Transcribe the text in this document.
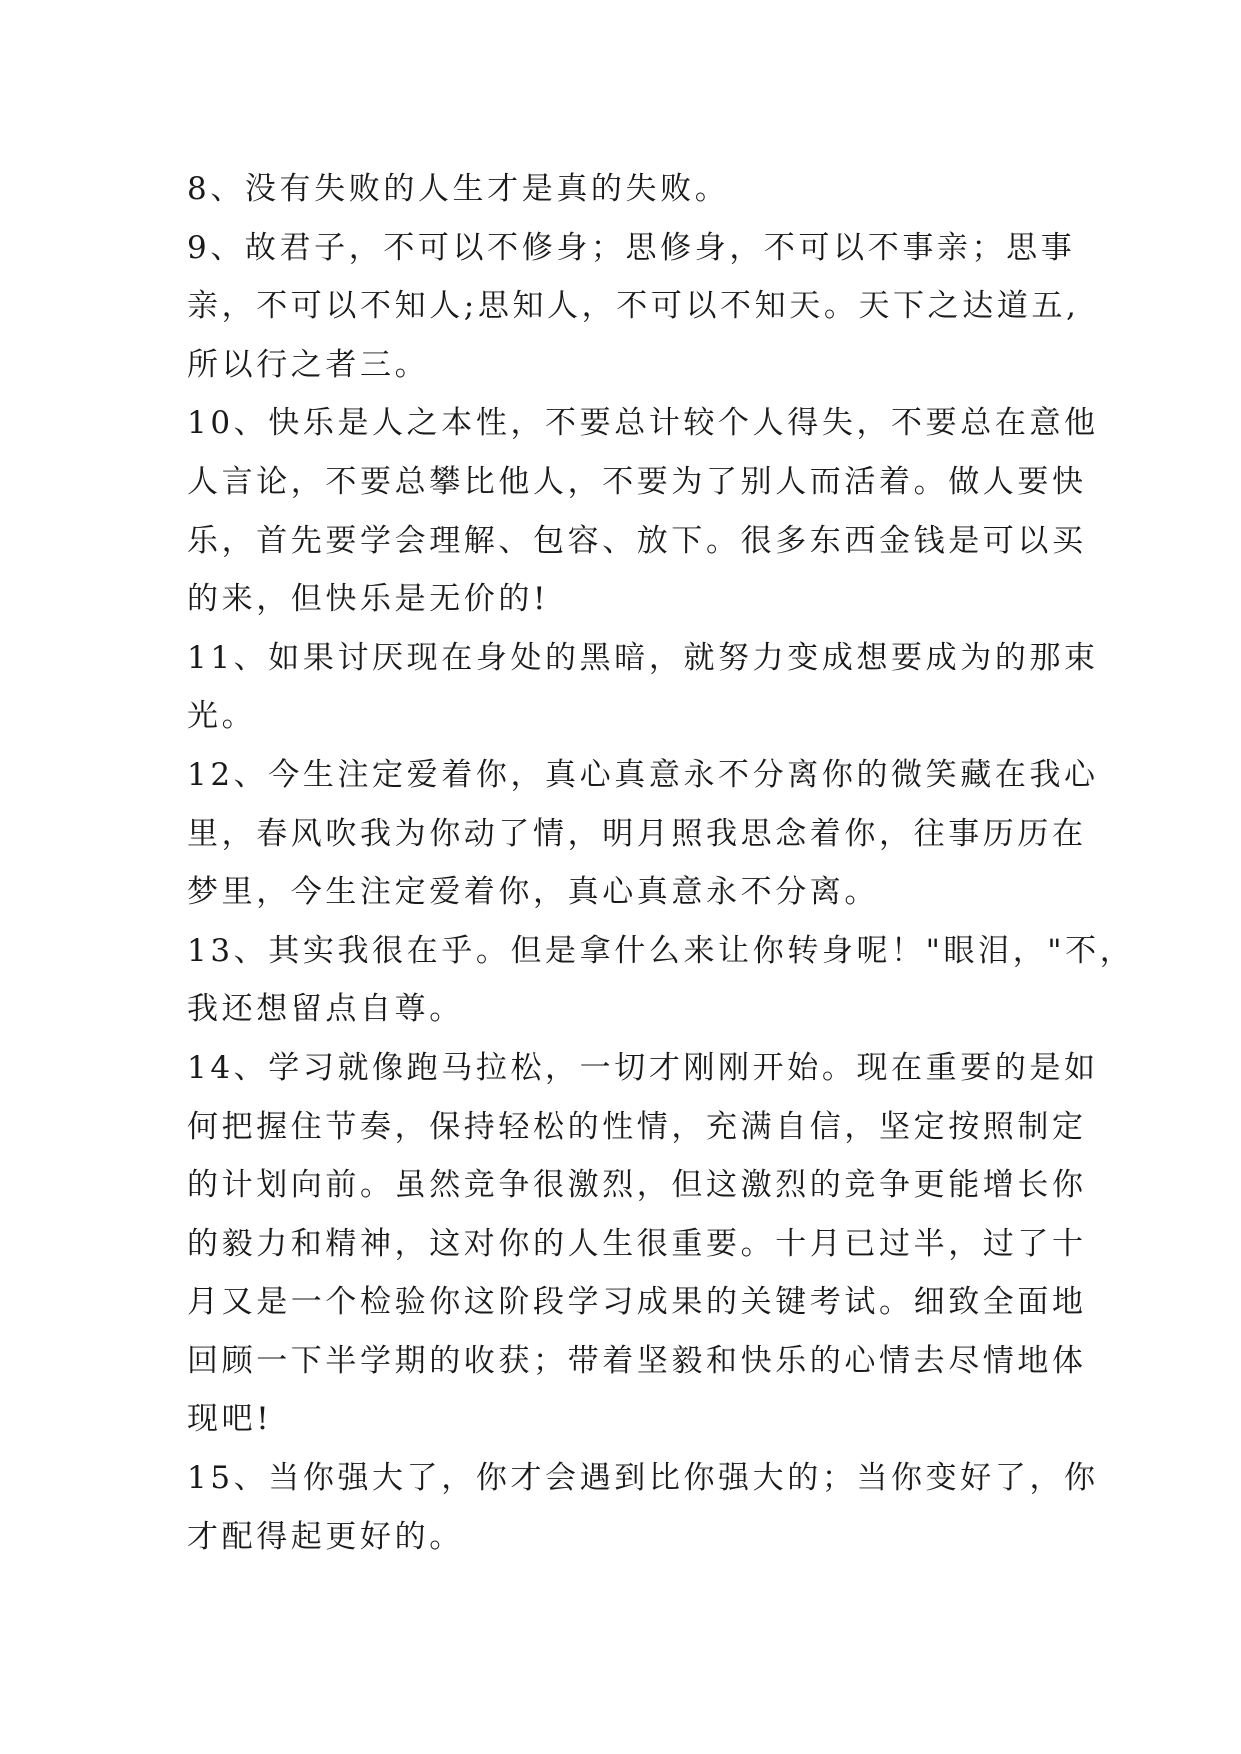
8、没有失败的人生才是真的失败。
9、故君子，不可以不修身；思修身，不可以不事亲；思事
亲，不可以不知人;思知人，不可以不知天。天下之达道五,
所以行之者三。
10、快乐是人之本性，不要总计较个人得失，不要总在意他
人言论，不要总攀比他人，不要为了别人而活着。做人要快
乐，首先要学会理解、包容、放下。很多东西金钱是可以买
的来，但快乐是无价的!
11、如果讨厌现在身处的黑暗，就努力变成想要成为的那束
光。
12、今生注定爱着你，真心真意永不分离你的微笑藏在我心
里，春风吹我为你动了情，明月照我思念着你，往事历历在
梦里，今生注定爱着你，真心真意永不分离。
13、其实我很在乎。但是拿什么来让你转身呢！"眼泪，"不，
我还想留点自尊。
14、学习就像跑马拉松，一切才刚刚开始。现在重要的是如
何把握住节奏，保持轻松的性情，充满自信，坚定按照制定
的计划向前。虽然竞争很激烈，但这激烈的竞争更能增长你
的毅力和精神，这对你的人生很重要。十月已过半，过了十
月又是一个检验你这阶段学习成果的关键考试。细致全面地
回顾一下半学期的收获；带着坚毅和快乐的心情去尽情地体
现吧!
15、当你强大了，你才会遇到比你强大的；当你变好了，你
才配得起更好的。
